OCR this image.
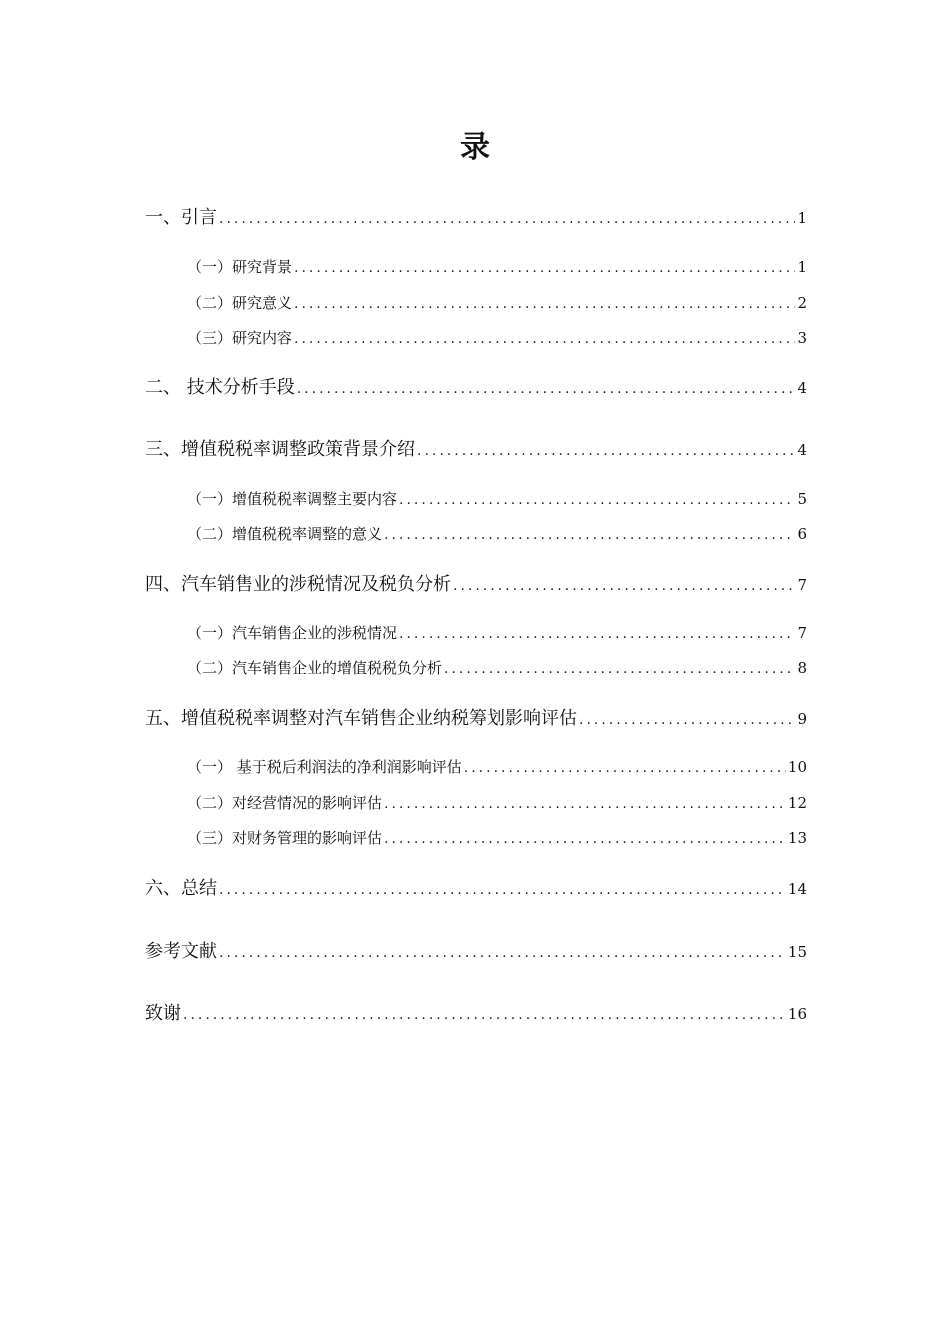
录
一、引言 .....	1
（一）研究背景 .....	1
（二）研究意义 .....	2
（三）研究内容 .....	3
二、 技术分析手段 .....	4
三、增值税税率调整政策背景介绍 .....	4
（一）增值税税率调整主要内容 .....	5
（二）增值税税率调整的意义 .....	6
四、汽车销售业的涉税情况及税负分析 .....	7
（一）汽车销售企业的涉税情况 .....	7
（二）汽车销售企业的增值税税负分析 .....	8
五、增值税税率调整对汽车销售企业纳税筹划影响评估 .....	9
（一） 基于税后利润法的净利润影响评估 .....	10
（二）对经营情况的影响评估 .....	12
（三）对财务管理的影响评估 .....	13
六、总结 .....	14
参考文献 .....	15
致谢 .....	16
